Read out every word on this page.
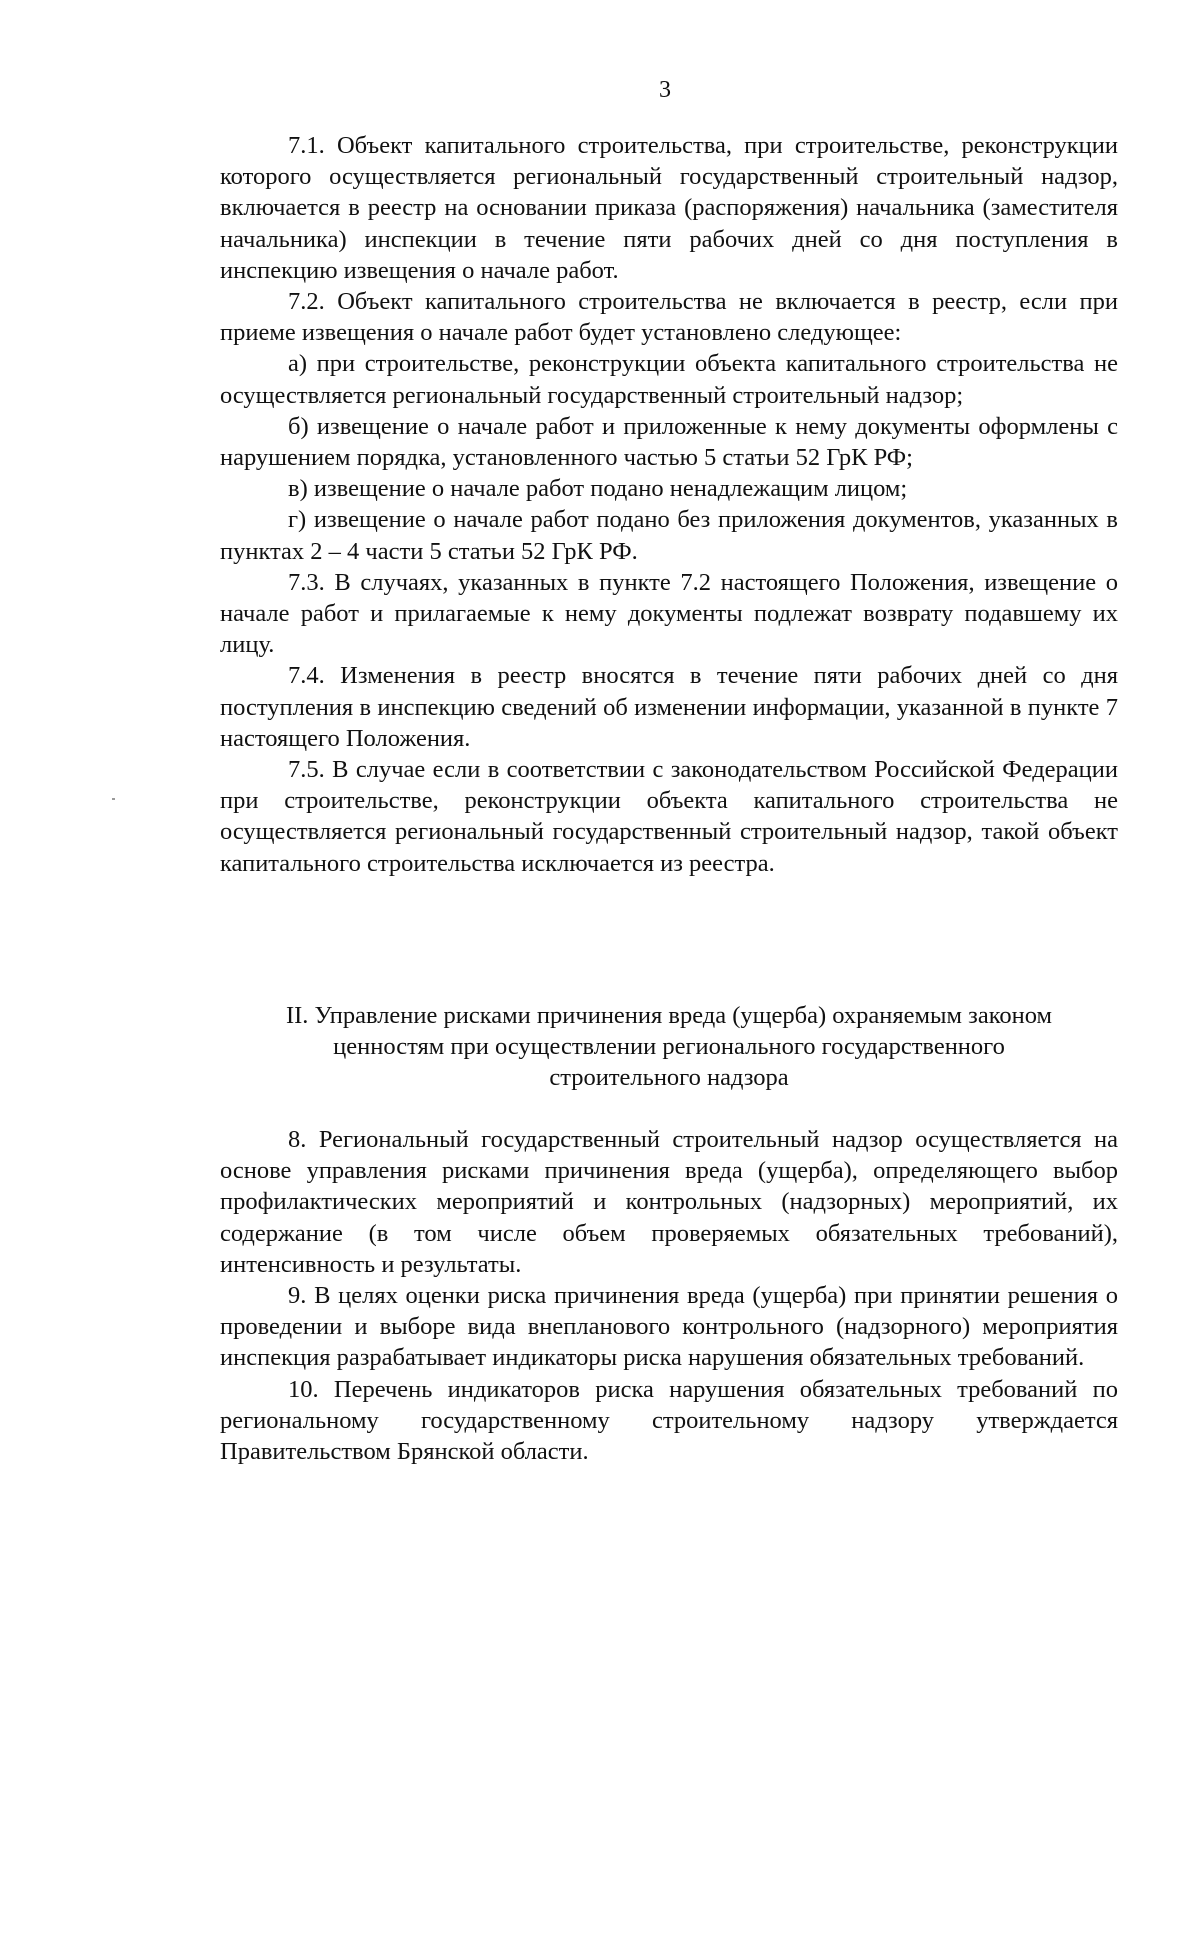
3

7.1. Объект капитального строительства, при строительстве, реконструкции которого осуществляется региональный государственный строительный надзор, включается в реестр на основании приказа (распоряжения) начальника (заместителя начальника) инспекции в течение пяти рабочих дней со дня поступления в инспекцию извещения о начале работ.

7.2. Объект капитального строительства не включается в реестр, если при приеме извещения о начале работ будет установлено следующее:

а) при строительстве, реконструкции объекта капитального строительства не осуществляется региональный государственный строительный надзор;

б) извещение о начале работ и приложенные к нему документы оформлены с нарушением порядка, установленного частью 5 статьи 52 ГрК РФ;

в) извещение о начале работ подано ненадлежащим лицом;

г) извещение о начале работ подано без приложения документов, указанных в пунктах 2 – 4 части 5 статьи 52 ГрК РФ.

7.3. В случаях, указанных в пункте 7.2 настоящего Положения, извещение о начале работ и прилагаемые к нему документы подлежат возврату подавшему их лицу.

7.4. Изменения в реестр вносятся в течение пяти рабочих дней со дня поступления в инспекцию сведений об изменении информации, указанной в пункте 7 настоящего Положения.

7.5. В случае если в соответствии с законодательством Российской Федерации при строительстве, реконструкции объекта капитального строительства не осуществляется региональный государственный строительный надзор, такой объект капитального строительства исключается из реестра.

II. Управление рисками причинения вреда (ущерба) охраняемым законом
ценностям при осуществлении регионального государственного
строительного надзора

8. Региональный государственный строительный надзор осуществляется на основе управления рисками причинения вреда (ущерба), определяющего выбор профилактических мероприятий и контрольных (надзорных) мероприятий, их содержание (в том числе объем проверяемых обязательных требований), интенсивность и результаты.

9. В целях оценки риска причинения вреда (ущерба) при принятии решения о проведении и выборе вида внепланового контрольного (надзорного) мероприятия инспекция разрабатывает индикаторы риска нарушения обязательных требований.

10. Перечень индикаторов риска нарушения обязательных требований по региональному государственному строительному надзору утверждается Правительством Брянской области.
